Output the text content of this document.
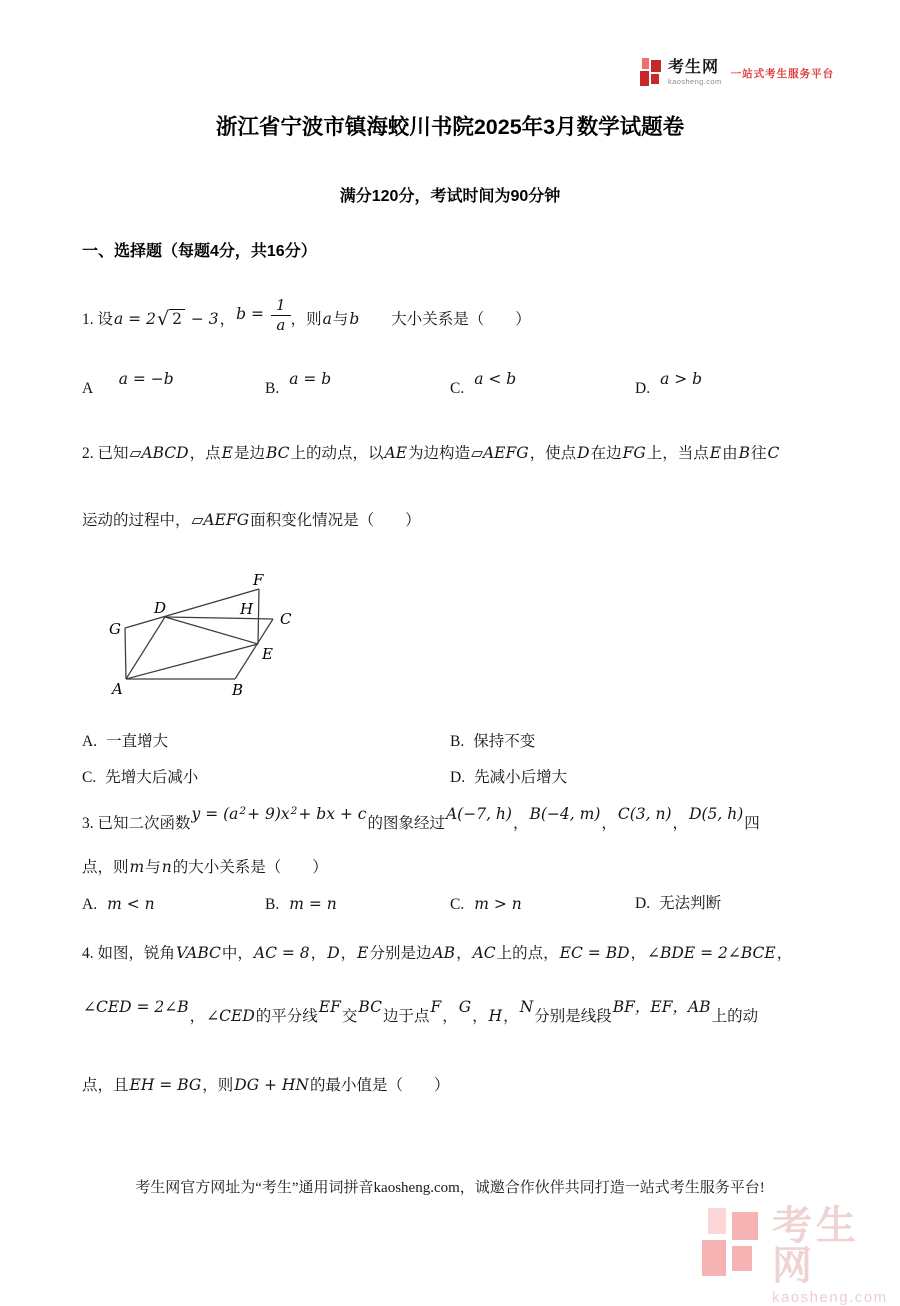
考生网
kaosheng.com
一站式考生服务平台
浙江省宁波市镇海蛟川书院2025年3月数学试题卷
满分120分，考试时间为90分钟
一、选择题（每题4分，共16分）
1. 设a = 2√ 2 − 3，$b = \frac{1}{a}$ ，则a与b　　大小关系是（　　）
A　a = −b
B.a = b
C.a < b
D.a > b
2. 已知▱ABCD，点E是边BC上的动点，以AE为边构造▱AEFG，使点D在边FG上，当点E由B往C
运动的过程中，▱AEFG面积变化情况是（　　）
A	B
C
D
E
F
G
H
A. 一直增大	B. 保持不变
C. 先增大后减小	D. 先减小后增大
3. 已知二次函数$y = (a^2+ 9)x^2+$ bx + c的图象经过A(−7, h)，B(−4, m)，C(3, n)，D(5, h)四
点，则m与n的大小关系是（　　）
A. m < n	B. m = n	C. m > n	D. 无法判断
4. 如图，锐角VABC中，AC = 8，D，E分别是边AB，AC上的点，EC = BD，∠BDE = 2∠BCE，
∠CED = 2∠B，∠CED的平分线EF交BC边于点F，G，H，N分别是线段BF，EF，AB上的动
点，且EH = BG，则DG + HN的最小值是（　　）
考生网官方网址为“考生”通用词拼音kaosheng.com，诚邀合作伙伴共同打造一站式考生服务平台!
考生网
kaosheng.com
